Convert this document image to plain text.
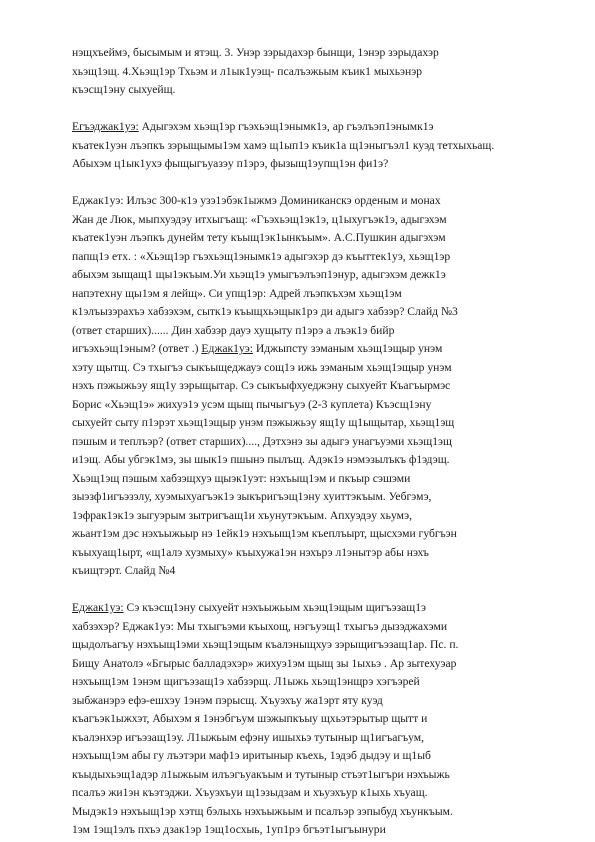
нэщхъеймэ, бысымым и ятэщ. 3. Унэр зэрыдахэр бынщи, 1энэр зэрыдахэр
хьэщ1эщ. 4.Хьэщ1эр Тхьэм и л1ык1уэщ- псалъэжьым къик1 мыхьэнэр
къэсщ1эну сыхуейщ.
Егъэджак1уэ: Адыгэхэм хьэщ1эр гъэхьэщ1энымк1э, ар гъэлъэп1энымк1э
къатек1уэн лъэпкъ зэрыщымы1эм хамэ щ1ып1э къик1а щ1эныгъэл1 куэд тетхыхьащ.
Абыхэм ц1ык1ухэ фыщыгъуазэу п1эрэ, фызыщ1эупщ1эн фи1э?
Еджак1уэ: Илъэс 300-к1э узэ1эбэк1ыжмэ Доминиканскэ орденым и монах
Жан де Люк, мыпхуэдэу итхыгъащ: «Гъэхьэщ1эк1э, ц1ыхугъэк1э, адыгэхэм
къатек1уэн лъэпкъ дунейм тету къыщ1эк1ынкъым». А.С.Пушкин адыгэхэм
папщ1э етх. : «Хьэщ1эр гъэхьэщ1энымк1э адыгэхэр дэ къыттек1уэ, хьэщ1эр
абыхэм зыщащ1 щы1экъым.Уи хьэщ1э умыгъэлъэп1энур, адыгэхэм дежк1э
напэтехну щы1эм я лейщ». Си упщ1эр: Адрей лъэпкъхэм хьэщ1эм
к1элъызэрахъэ хабзэхэм, сытк1э къыщхьэщык1рэ ди адыгэ хабзэр? Слайд №3
(ответ старших)...... Дин хабзэр дауэ хущыту п1эрэ а лъэк1э бийр
игъэхьэщ1эным? (ответ .) Еджак1уэ: Иджыпсту зэманым хьэщ1эщыр унэм
хэту щытщ. Сэ тхыгъэ сыкъыщеджауэ сощ1э ижь зэманым хьэщ1эщыр унэм
нэхъ пэжыжьэу ящ1у зэрыщытар. Сэ сыкъыфхуеджэну сыхуейт Къагъырмэс
Борис «Хьэщ1э» жихуэ1э усэм щыщ пычыгъуэ (2-3 куплета) Къэсщ1эну
сыхуейт сыту п1эрэт хьэщ1эщыр унэм пэжыжьэу ящ1у щ1ыщытар, хьэщ1эщ
пэшым и теплъэр? (ответ старших)...., Дэтхэнэ зы адыгэ унагъуэми хьэщ1эщ
и1эщ. Абы убгэк1мэ, зы шык1э пшынэ пылъщ. Адэк1э нэмэзылъкъ ф1эдэщ.
Хьэщ1эщ пэшым хабзэщхуэ щыэк1уэт: нэхъыщ1эм и пкъыр сэшэми
зыэзф1игъэзэлу, хуэмыхуагъэк1э зыкъригъэщ1эну хуиттэкъым. Уебгэмэ,
1эфрак1эк1э зыгуэрым зытригъащ1и хъунутэкъым. Апхуэдэу хьумэ,
жьант1эм дэс нэхъыжьыр нэ 1ейк1э нэхъыщ1эм къеплъырт, щысхэми губгъэн
къыхуащ1ырт, «щ1алэ хузмыху» къыхужа1эн нэхърэ л1энытэр абы нэхъ
къищтэрт. Слайд №4
Еджак1уэ: Сэ къэсщ1эну сыхуейт нэхъыжьым хьэщ1эщым щигъэзащ1э
хабзэхэр? Еджак1уэ: Мы тхыгъэми къыхощ, нэгъуэщ1 тхыгъэ дызэджахэми
щыдолъагъу нэхъыщ1эми хьэщ1эщым къалэныщхуэ зэрыщигъэзащ1ар. Пс. п.
Бищу Анатолэ «Бгырыс балладэхэр» жихуэ1эм щыщ зы 1ыхьэ . Ар зытехуэар
нэхъыщ1эм 1энэм щигъэзащ1э хабзэрщ. Л1ыжь хьэщ1энщрэ хэгъэрей
зыбжанэрэ ефэ-ешхэу 1энэм пэрысщ. Хъуэхъу жа1эрт яту куэд
къагъэк1ыжхэт, Абыхэм я 1энэбгъум шэжыпкъыу щхьэтэрытыр щытт и
къалэнхэр игъэзащ1эу. Л1ыжьым ефэну ишыхьэ тутыныр щ1игъагъум,
нэхъыщ1эм абы гу лъэтэри маф1э иритыныр къехь, 1эдэб дыдэу и щ1ыб
къыдыхьэщ1адэр л1ыжьым илъэгъуакъым и тутыныр стъэт1ыгъри нэхъыжь
псалъэ жи1эн къэтэджи. Хъуэхъуи щ1эзыдзам и хъуэхъур к1ыхь хъуащ.
Мыдэк1э нэхъыщ1эр хэтщ бэлыхь нэхъыжьым и псалъэр зэпыбуд хъункъым.
1эм 1эщ1элъ пхъэ дзак1эр 1эщ1осхыь, 1уп1рэ бгъэт1ыгъынури
